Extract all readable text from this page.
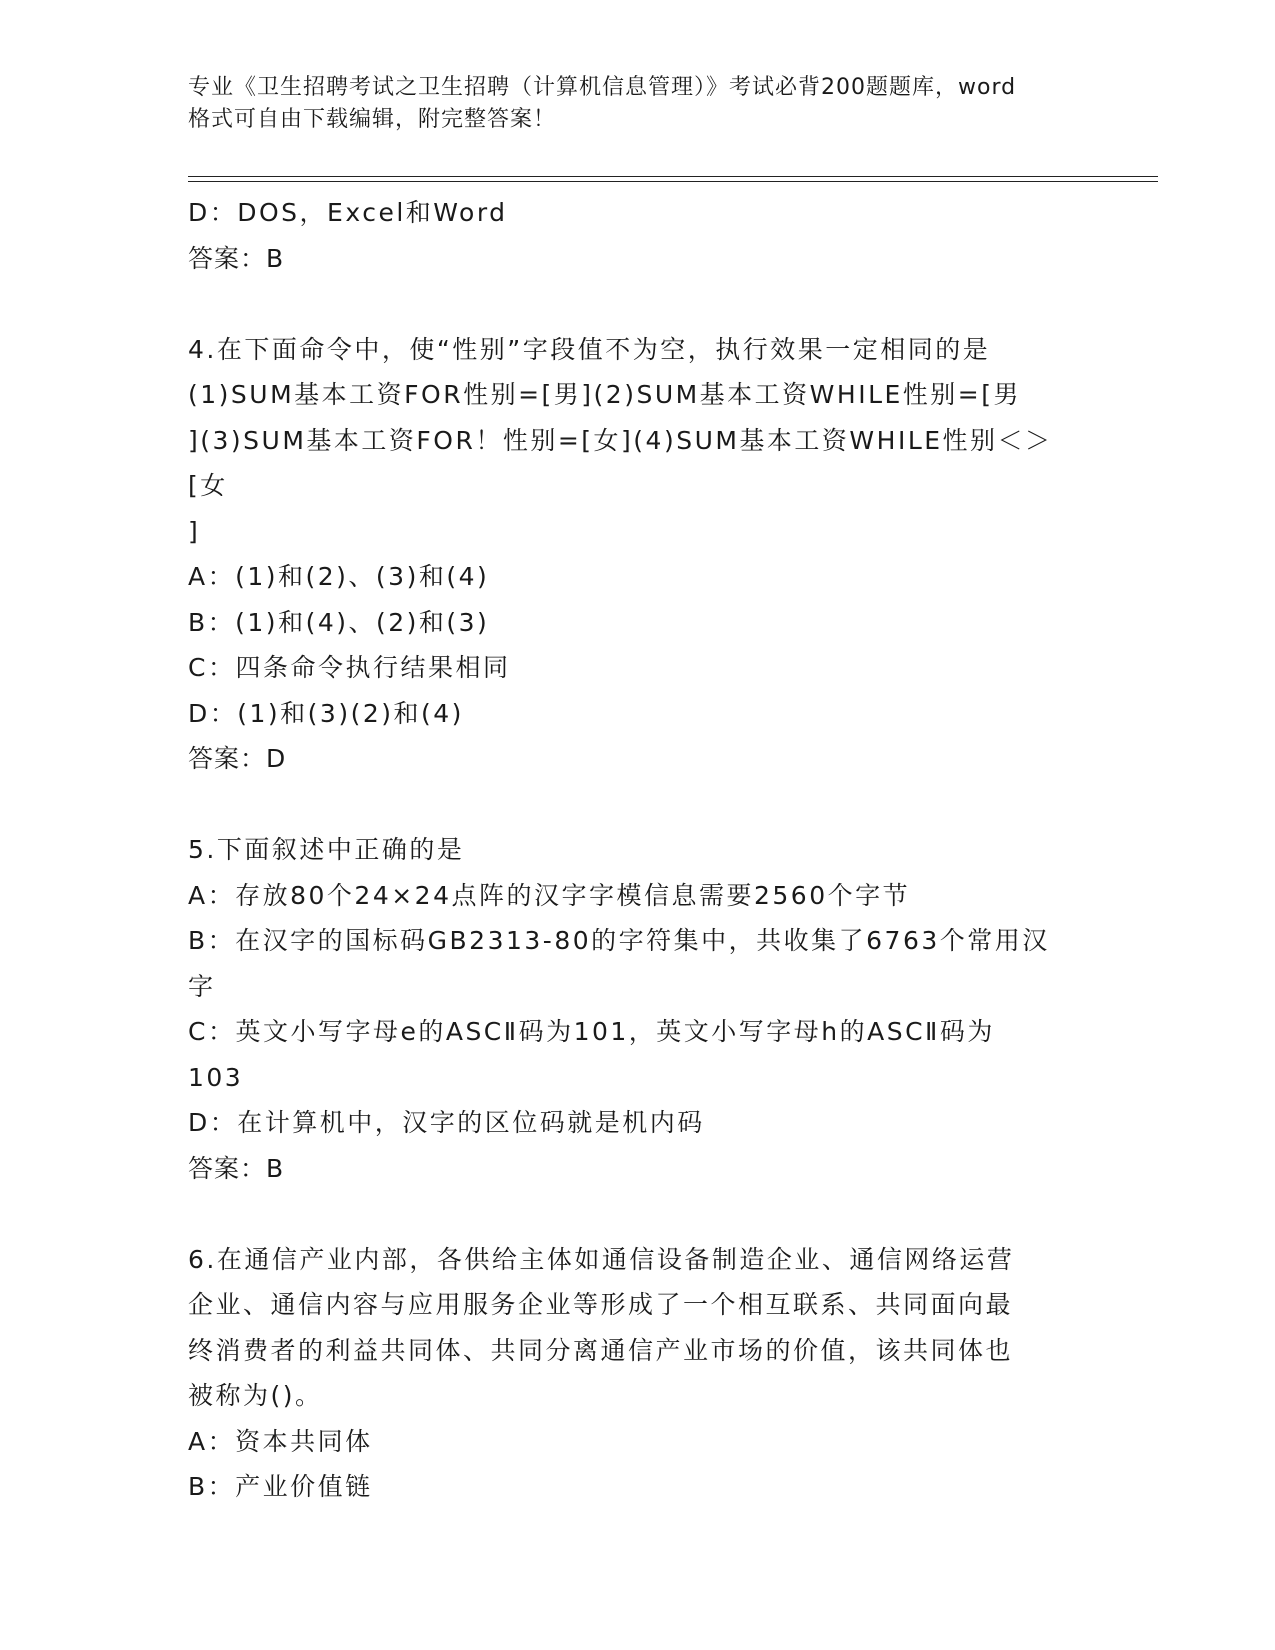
专业《卫生招聘考试之卫生招聘（计算机信息管理）》考试必背200题题库，word
格式可自由下载编辑，附完整答案！

D：DOS，Excel和Word

答案：B

4.在下面命令中，使“性别”字段值不为空，执行效果一定相同的是

(1)SUM基本工资FOR性别=[男](2)SUM基本工资WHILE性别=[男

](3)SUM基本工资FOR！性别=[女](4)SUM基本工资WHILE性别＜＞[女

]

A：(1)和(2)、(3)和(4)

B：(1)和(4)、(2)和(3)

C：四条命令执行结果相同

D：(1)和(3)(2)和(4)

答案：D

5.下面叙述中正确的是

A：存放80个24×24点阵的汉字字模信息需要2560个字节

B：在汉字的国标码GB2313-80的字符集中，共收集了6763个常用汉

字

C：英文小写字母e的ASCⅡ码为101，英文小写字母h的ASCⅡ码为

103

D：在计算机中，汉字的区位码就是机内码

答案：B

6.在通信产业内部，各供给主体如通信设备制造企业、通信网络运营

企业、通信内容与应用服务企业等形成了一个相互联系、共同面向最

终消费者的利益共同体、共同分离通信产业市场的价值，该共同体也

被称为()。

A：资本共同体

B：产业价值链
